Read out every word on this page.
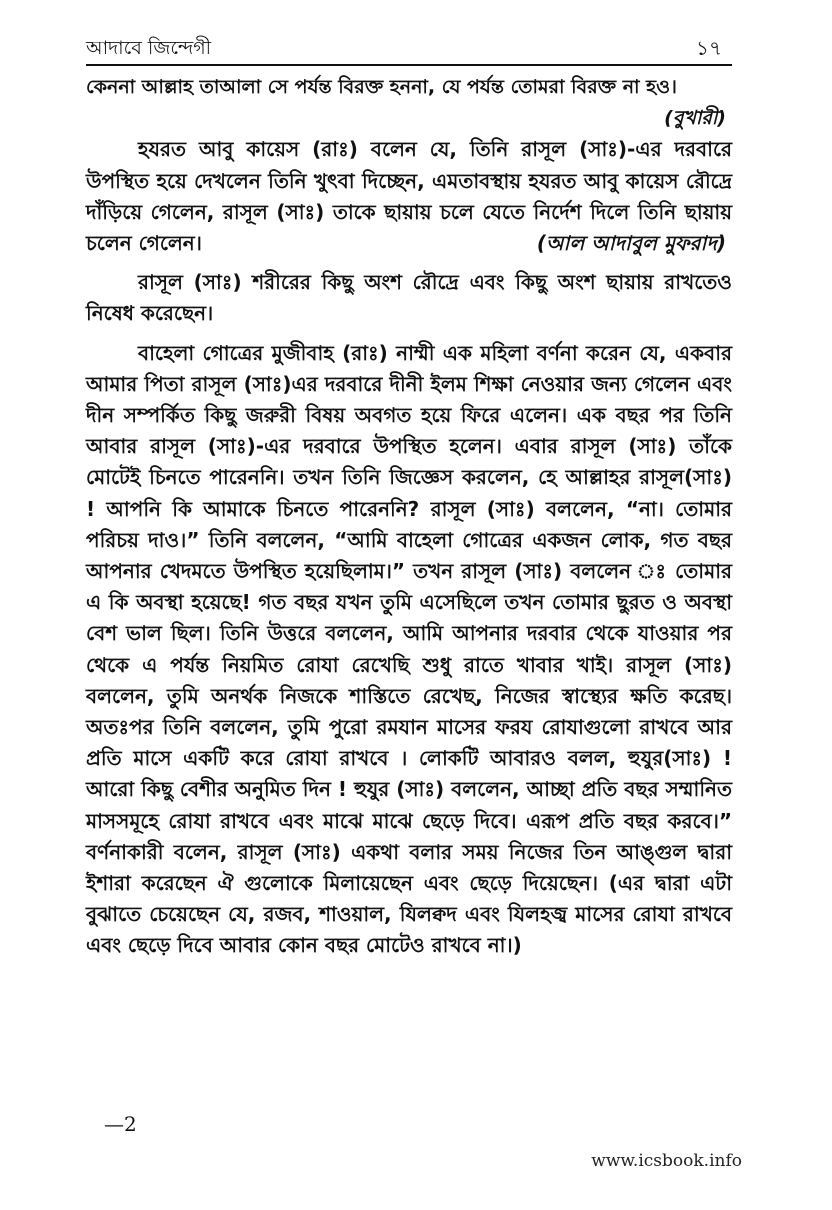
আদাবে জিন্দেগী	১৭

কেননা আল্লাহ তাআলা সে পর্যন্ত বিরক্ত হননা, যে পর্যন্ত তোমরা বিরক্ত না হও।
(বুখারী)

হযরত আবু কায়েস (রাঃ) বলেন যে, তিনি রাসূল (সাঃ)-এর দরবারে উপস্থিত হয়ে দেখলেন তিনি খুৎবা দিচ্ছেন, এমতাবস্থায় হযরত আবু কায়েস রৌদ্রে দাঁড়িয়ে গেলেন, রাসূল (সাঃ) তাকে ছায়ায় চলে যেতে নির্দেশ দিলে তিনি ছায়ায় চলেন গেলেন।	(আল আদাবুল মুফরাদ)

রাসূল (সাঃ) শরীরের কিছু অংশ রৌদ্রে এবং কিছু অংশ ছায়ায় রাখতেও নিষেধ করেছেন।

বাহেলা গোত্রের মুজীবাহ (রাঃ) নাম্মী এক মহিলা বর্ণনা করেন যে, একবার আমার পিতা রাসূল (সাঃ)এর দরবারে দীনী ইলম শিক্ষা নেওয়ার জন্য গেলেন এবং দীন সম্পর্কিত কিছু জরুরী বিষয় অবগত হয়ে ফিরে এলেন। এক বছর পর তিনি আবার রাসূল (সাঃ)-এর দরবারে উপস্থিত হলেন। এবার রাসূল (সাঃ) তাঁকে মোটেই চিনতে পারেননি। তখন তিনি জিজ্ঞেস করলেন, হে আল্লাহর রাসূল(সাঃ) ! আপনি কি আমাকে চিনতে পারেননি? রাসূল (সাঃ) বললেন, “না। তোমার পরিচয় দাও।” তিনি বললেন, “আমি বাহেলা গোত্রের একজন লোক, গত বছর আপনার খেদমতে উপস্থিত হয়েছিলাম।” তখন রাসূল (সাঃ) বললেন ঃ তোমার এ কি অবস্থা হয়েছে! গত বছর যখন তুমি এসেছিলে তখন তোমার ছুরত ও অবস্থা বেশ ভাল ছিল। তিনি উত্তরে বললেন, আমি আপনার দরবার থেকে যাওয়ার পর থেকে এ পর্যন্ত নিয়মিত রোযা রেখেছি শুধু রাতে খাবার খাই। রাসূল (সাঃ) বললেন, তুমি অনর্থক নিজকে শাস্তিতে রেখেছ, নিজের স্বাস্থ্যের ক্ষতি করেছ। অতঃপর তিনি বললেন, তুমি পুরো রমযান মাসের ফরয রোযাগুলো রাখবে আর প্রতি মাসে একটি করে রোযা রাখবে । লোকটি আবারও বলল, হুযুর(সাঃ) ! আরো কিছু বেশীর অনুমিত দিন ! হুযুর (সাঃ) বললেন, আচ্ছা প্রতি বছর সম্মানিত মাসসমূহে রোযা রাখবে এবং মাঝে মাঝে ছেড়ে দিবে। এরূপ প্রতি বছর করবে।” বর্ণনাকারী বলেন, রাসূল (সাঃ) একথা বলার সময় নিজের তিন আঙ্গুল দ্বারা ইশারা করেছেন ঐ গুলোকে মিলায়েছেন এবং ছেড়ে দিয়েছেন। (এর দ্বারা এটা বুঝাতে চেয়েছেন যে, রজব, শাওয়াল, যিলক্বদ এবং যিলহজ্ব মাসের রোযা রাখবে এবং ছেড়ে দিবে আবার কোন বছর মোটেও রাখবে না।)

—2
www.icsbook.info
